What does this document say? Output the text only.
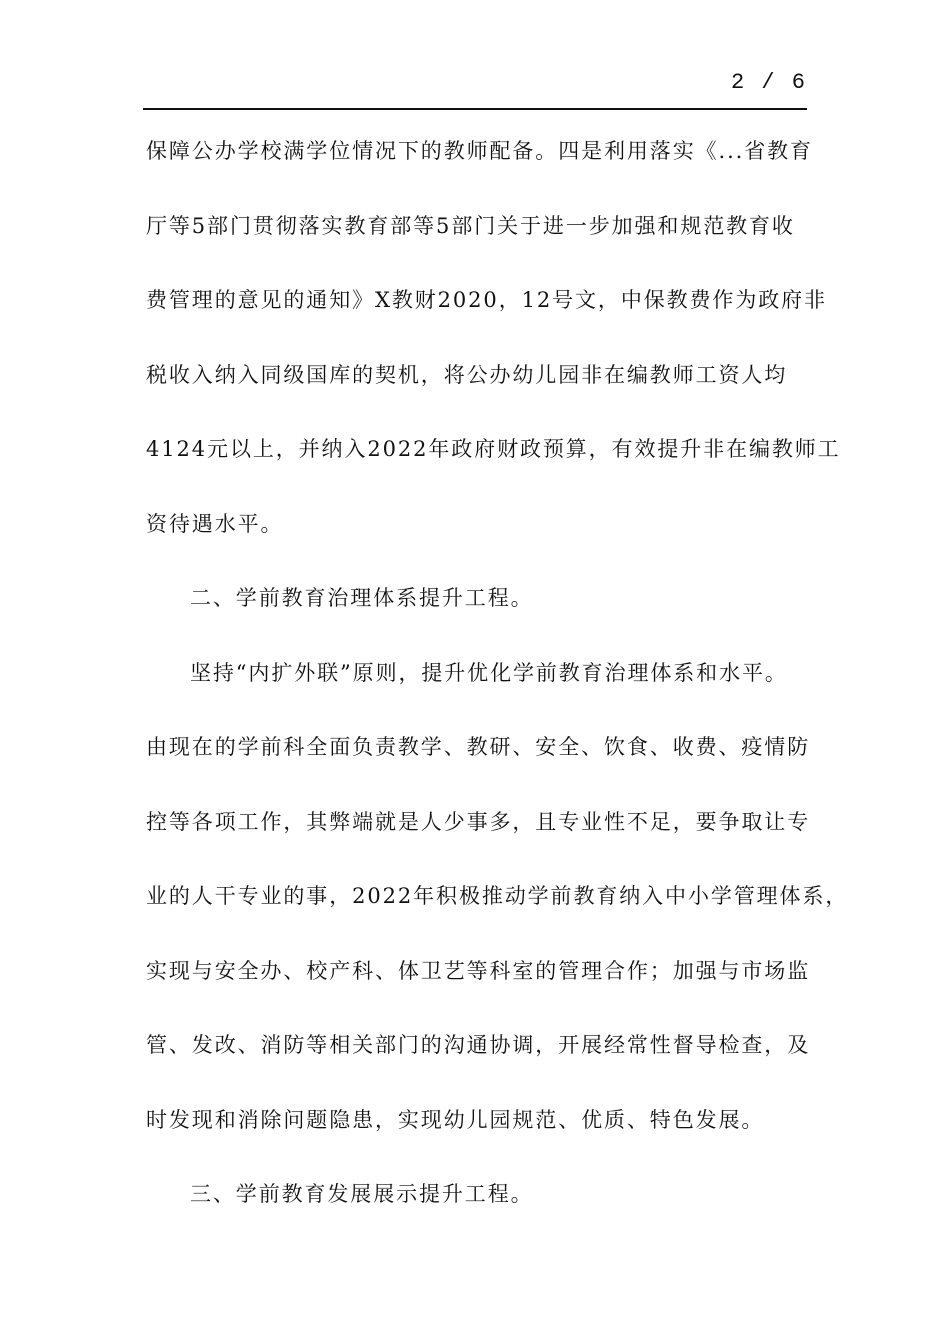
2 / 6
保障公办学校满学位情况下的教师配备。四是利用落实《...省教育
厅等5部门贯彻落实教育部等5部门关于进一步加强和规范教育收
费管理的意见的通知》X教财2020，12号文，中保教费作为政府非
税收入纳入同级国库的契机，将公办幼儿园非在编教师工资人均
4124元以上，并纳入2022年政府财政预算，有效提升非在编教师工
资待遇水平。
二、学前教育治理体系提升工程。
坚持“内扩外联”原则，提升优化学前教育治理体系和水平。
由现在的学前科全面负责教学、教研、安全、饮食、收费、疫情防
控等各项工作，其弊端就是人少事多，且专业性不足，要争取让专
业的人干专业的事，2022年积极推动学前教育纳入中小学管理体系，
实现与安全办、校产科、体卫艺等科室的管理合作；加强与市场监
管、发改、消防等相关部门的沟通协调，开展经常性督导检查，及
时发现和消除问题隐患，实现幼儿园规范、优质、特色发展。
三、学前教育发展展示提升工程。
